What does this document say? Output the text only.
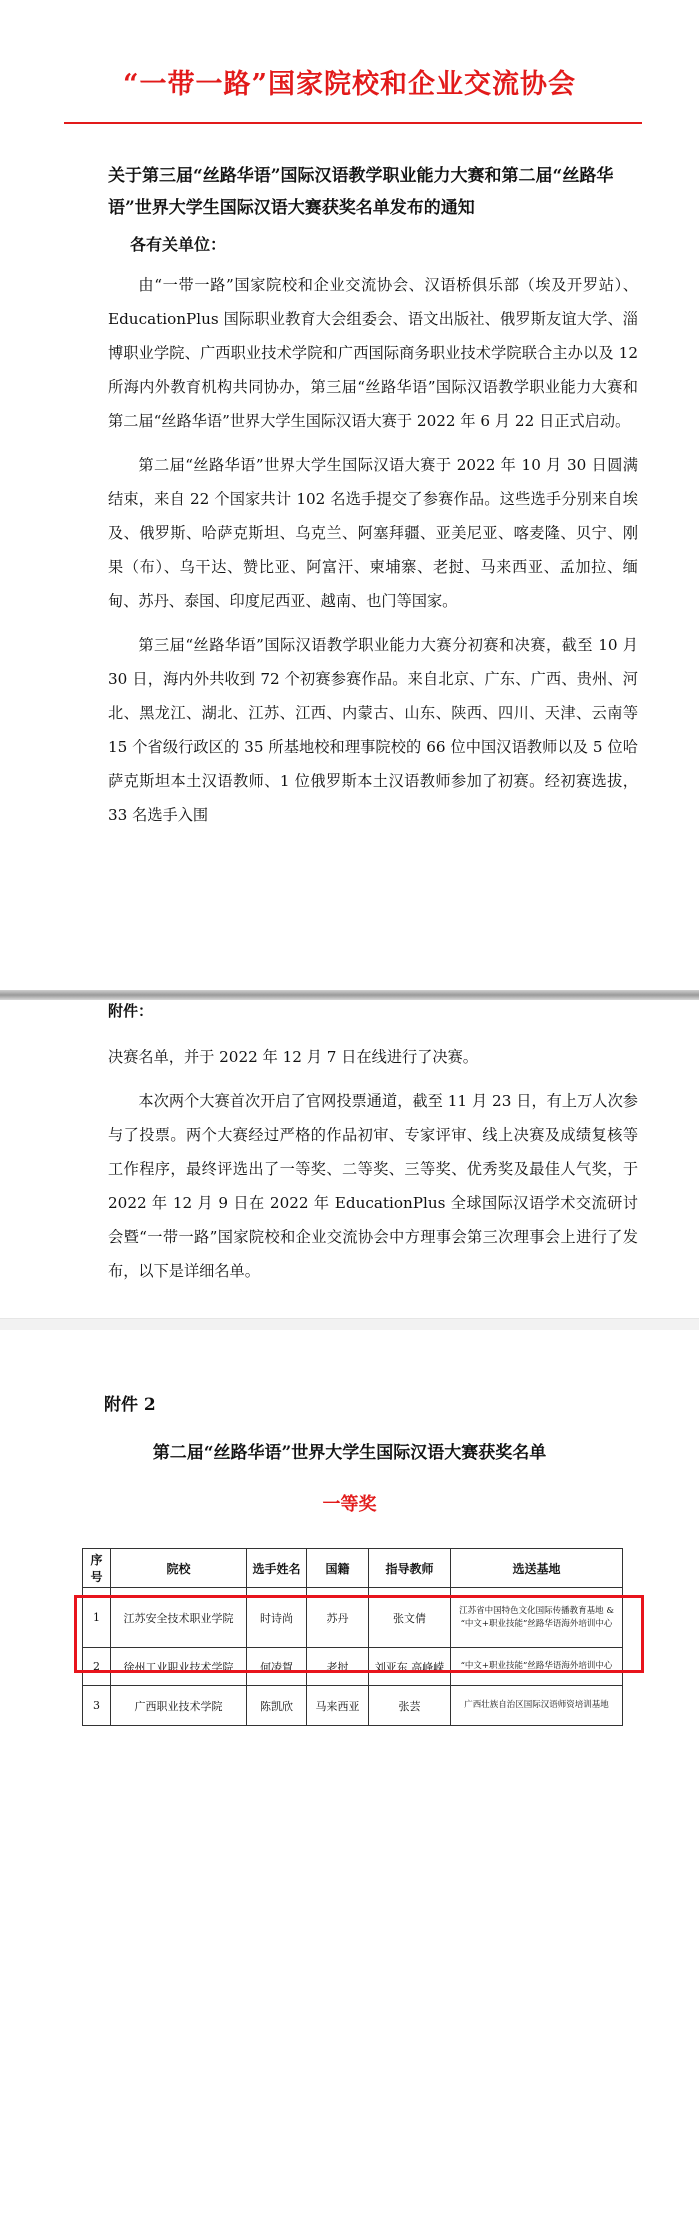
“一带一路”国家院校和企业交流协会
关于第三届“丝路华语”国际汉语教学职业能力大赛和第二届“丝路华语”世界大学生国际汉语大赛获奖名单发布的通知
各有关单位：

由“一带一路”国家院校和企业交流协会、汉语桥俱乐部（埃及开罗站）、EducationPlus 国际职业教育大会组委会、语文出版社、俄罗斯友谊大学、淄博职业学院、广西职业技术学院和广西国际商务职业技术学院联合主办以及 12 所海内外教育机构共同协办，第三届“丝路华语”国际汉语教学职业能力大赛和第二届“丝路华语”世界大学生国际汉语大赛于 2022 年 6 月 22 日正式启动。

第二届“丝路华语”世界大学生国际汉语大赛于 2022 年 10 月 30 日圆满结束，来自 22 个国家共计 102 名选手提交了参赛作品。这些选手分别来自埃及、俄罗斯、哈萨克斯坦、乌克兰、阿塞拜疆、亚美尼亚、喀麦隆、贝宁、刚果（布）、乌干达、赞比亚、阿富汗、柬埔寨、老挝、马来西亚、孟加拉、缅甸、苏丹、泰国、印度尼西亚、越南、也门等国家。

第三届“丝路华语”国际汉语教学职业能力大赛分初赛和决赛，截至 10 月 30 日，海内外共收到 72 个初赛参赛作品。来自北京、广东、广西、贵州、河北、黑龙江、湖北、江苏、江西、内蒙古、山东、陕西、四川、天津、云南等 15 个省级行政区的 35 所基地校和理事院校的 66 位中国汉语教师以及 5 位哈萨克斯坦本土汉语教师、1 位俄罗斯本土汉语教师参加了初赛。经初赛选拔，33 名选手入围

决赛名单，并于 2022 年 12 月 7 日在线进行了决赛。

本次两个大赛首次开启了官网投票通道，截至 11 月 23 日，有上万人次参与了投票。两个大赛经过严格的作品初审、专家评审、线上决赛及成绩复核等工作程序，最终评选出了一等奖、二等奖、三等奖、优秀奖及最佳人气奖，于 2022 年 12 月 9 日在 2022 年 EducationPlus 全球国际汉语学术交流研讨会暨“一带一路”国家院校和企业交流协会中方理事会第三次理事会上进行了发布，以下是详细名单。

附件 2
第二届“丝路华语”世界大学生国际汉语大赛获奖名单
一等奖
序号	院校	选手姓名	国籍	指导教师	选送基地
1	江苏安全技术职业学院	时诗尚	苏丹	张文倩	江苏省中国特色文化国际传播教育基地 & “中文+职业技能”丝路华语海外培训中心
2	徐州工业职业技术学院	何凌賀	老挝	刘亚东 高峰嵘	“中文+职业技能”丝路华语海外培训中心
3	广西职业技术学院	陈凯欣	马来西亚	张芸	广西壮族自治区国际汉语师资培训基地
附件：
